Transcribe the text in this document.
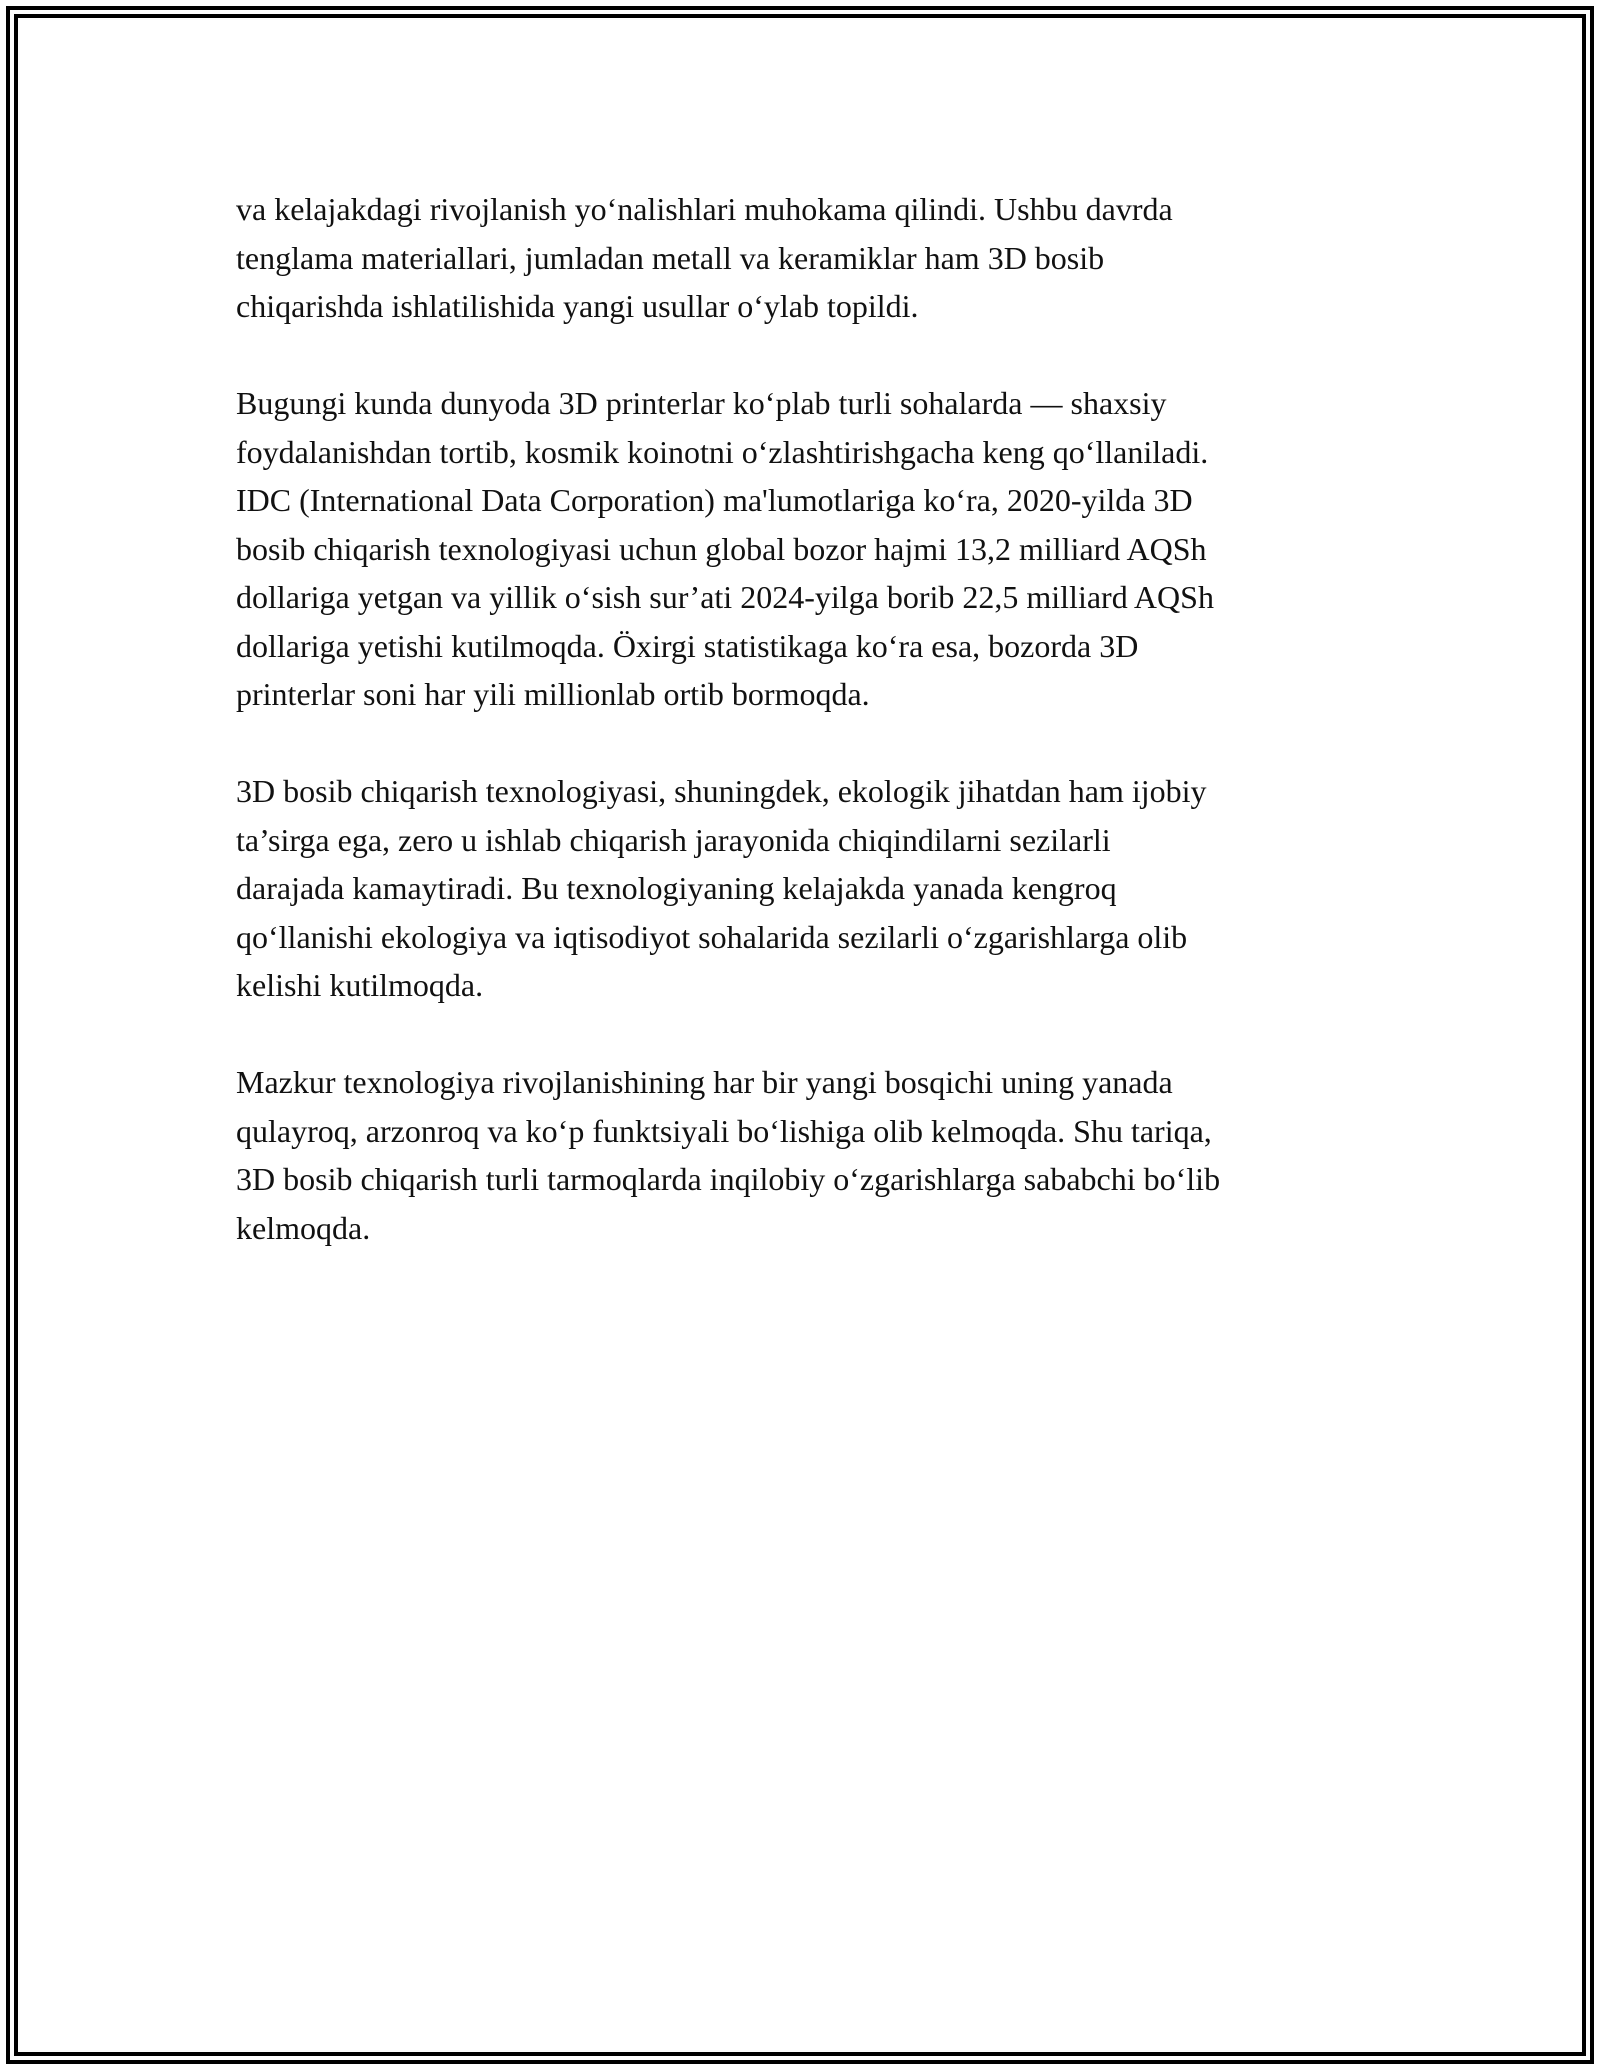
va kelajakdagi rivojlanish yo‘nalishlari muhokama qilindi. Ushbu davrda
tenglama materiallari, jumladan metall va keramiklar ham 3D bosib
chiqarishda ishlatilishida yangi usullar o‘ylab topildi.

Bugungi kunda dunyoda 3D printerlar ko‘plab turli sohalarda — shaxsiy
foydalanishdan tortib, kosmik koinotni o‘zlashtirishgacha keng qo‘llaniladi.
IDC (International Data Corporation) ma'lumotlariga ko‘ra, 2020-yilda 3D
bosib chiqarish texnologiyasi uchun global bozor hajmi 13,2 milliard AQSh
dollariga yetgan va yillik o‘sish sur’ati 2024-yilga borib 22,5 milliard AQSh
dollariga yetishi kutilmoqda. Öxirgi statistikaga ko‘ra esa, bozorda 3D
printerlar soni har yili millionlab ortib bormoqda.

3D bosib chiqarish texnologiyasi, shuningdek, ekologik jihatdan ham ijobiy
ta’sirga ega, zero u ishlab chiqarish jarayonida chiqindilarni sezilarli
darajada kamaytiradi. Bu texnologiyaning kelajakda yanada kengroq
qo‘llanishi ekologiya va iqtisodiyot sohalarida sezilarli o‘zgarishlarga olib
kelishi kutilmoqda.

Mazkur texnologiya rivojlanishining har bir yangi bosqichi uning yanada
qulayroq, arzonroq va ko‘p funktsiyali bo‘lishiga olib kelmoqda. Shu tariqa,
3D bosib chiqarish turli tarmoqlarda inqilobiy o‘zgarishlarga sababchi bo‘lib
kelmoqda.
